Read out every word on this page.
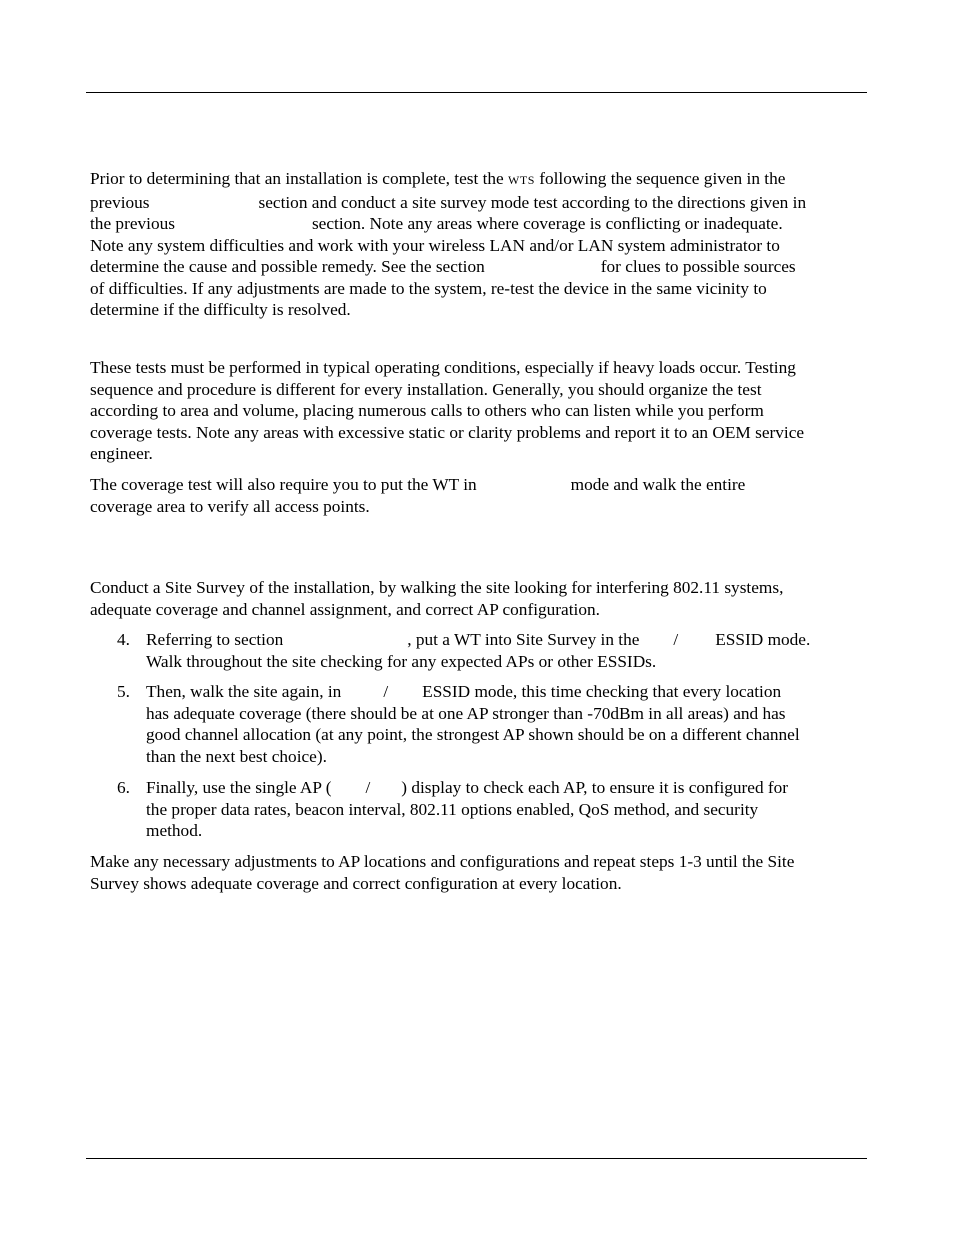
Prior to determining that an installation is complete, test the WTS following the sequence given in the
previous	section and conduct a site survey mode test according to the directions given in
the previous	section. Note any areas where coverage is conflicting or inadequate.
Note any system difficulties and work with your wireless LAN and/or LAN system administrator to
determine the cause and possible remedy. See the section	for clues to possible sources
of difficulties. If any adjustments are made to the system, re-test the device in the same vicinity to
determine if the difficulty is resolved.
These tests must be performed in typical operating conditions, especially if heavy loads occur. Testing
sequence and procedure is different for every installation. Generally, you should organize the test
according to area and volume, placing numerous calls to others who can listen while you perform
coverage tests. Note any areas with excessive static or clarity problems and report it to an OEM service
engineer.
The coverage test will also require you to put the WT in	mode and walk the entire
coverage area to verify all access points.
Conduct a Site Survey of the installation, by walking the site looking for interfering 802.11 systems,
adequate coverage and channel assignment, and correct AP configuration.
4. Referring to section	, put a WT into Site Survey in the / ESSID mode.
Walk throughout the site checking for any expected APs or other ESSIDs.
5. Then, walk the site again, in / ESSID mode, this time checking that every location
has adequate coverage (there should be at one AP stronger than -70dBm in all areas) and has
good channel allocation (at any point, the strongest AP shown should be on a different channel
than the next best choice).
6. Finally, use the single AP ( / ) display to check each AP, to ensure it is configured for
the proper data rates, beacon interval, 802.11 options enabled, QoS method, and security
method.
Make any necessary adjustments to AP locations and configurations and repeat steps 1-3 until the Site
Survey shows adequate coverage and correct configuration at every location.
